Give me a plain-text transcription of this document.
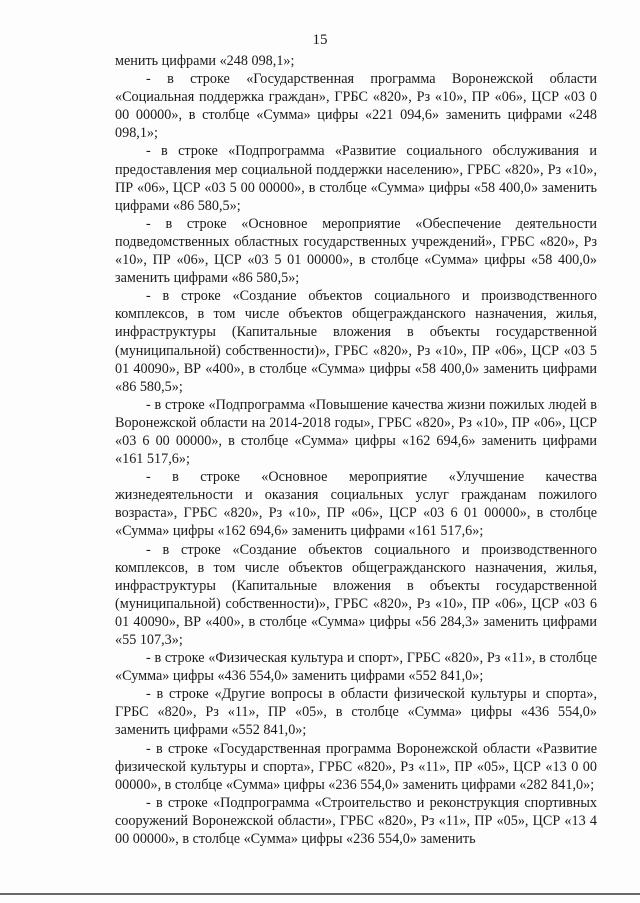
15

менить цифрами «248 098,1»;

- в строке «Государственная программа Воронежской области «Социальная поддержка граждан», ГРБС «820», Рз «10», ПР «06», ЦСР «03 0 00 00000», в столбце «Сумма» цифры «221 094,6» заменить цифрами «248 098,1»;

- в строке «Подпрограмма «Развитие социального обслуживания и предоставления мер социальной поддержки населению», ГРБС «820», Рз «10», ПР «06», ЦСР «03 5 00 00000», в столбце «Сумма» цифры «58 400,0» заменить цифрами «86 580,5»;

- в строке «Основное мероприятие «Обеспечение деятельности подведомственных областных государственных учреждений», ГРБС «820», Рз «10», ПР «06», ЦСР «03 5 01 00000», в столбце «Сумма» цифры «58 400,0» заменить цифрами «86 580,5»;

- в строке «Создание объектов социального и производственного комплексов, в том числе объектов общегражданского назначения, жилья, инфраструктуры (Капитальные вложения в объекты государственной (муниципальной) собственности)», ГРБС «820», Рз «10», ПР «06», ЦСР «03 5 01 40090», ВР «400», в столбце «Сумма» цифры «58 400,0» заменить цифрами «86 580,5»;

- в строке «Подпрограмма «Повышение качества жизни пожилых людей в Воронежской области на 2014-2018 годы», ГРБС «820», Рз «10», ПР «06», ЦСР «03 6 00 00000», в столбце «Сумма» цифры «162 694,6» заменить цифрами «161 517,6»;

- в строке «Основное мероприятие «Улучшение качества жизнедеятельности и оказания социальных услуг гражданам пожилого возраста», ГРБС «820», Рз «10», ПР «06», ЦСР «03 6 01 00000», в столбце «Сумма» цифры «162 694,6» заменить цифрами «161 517,6»;

- в строке «Создание объектов социального и производственного комплексов, в том числе объектов общегражданского назначения, жилья, инфраструктуры (Капитальные вложения в объекты государственной (муниципальной) собственности)», ГРБС «820», Рз «10», ПР «06», ЦСР «03 6 01 40090», ВР «400», в столбце «Сумма» цифры «56 284,3» заменить цифрами «55 107,3»;

- в строке «Физическая культура и спорт», ГРБС «820», Рз «11», в столбце «Сумма» цифры «436 554,0» заменить цифрами «552 841,0»;

- в строке «Другие вопросы в области физической культуры и спорта», ГРБС «820», Рз «11», ПР «05», в столбце «Сумма» цифры «436 554,0» заменить цифрами «552 841,0»;

- в строке «Государственная программа Воронежской области «Развитие физической культуры и спорта», ГРБС «820», Рз «11», ПР «05», ЦСР «13 0 00 00000», в столбце «Сумма» цифры «236 554,0» заменить цифрами «282 841,0»;

- в строке «Подпрограмма «Строительство и реконструкция спортивных сооружений Воронежской области», ГРБС «820», Рз «11», ПР «05», ЦСР «13 4 00 00000», в столбце «Сумма» цифры «236 554,0» заменить
